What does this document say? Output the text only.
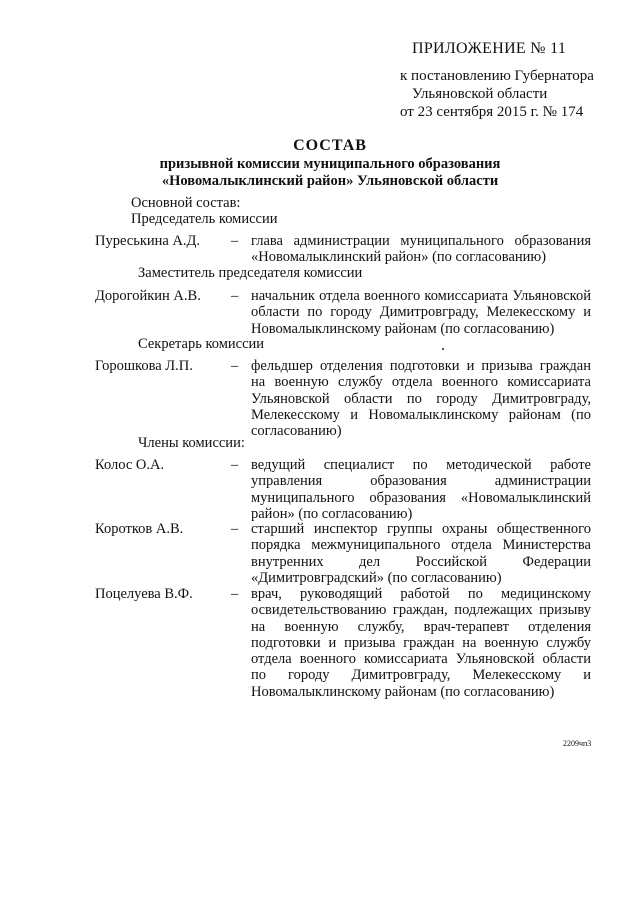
ПРИЛОЖЕНИЕ № 11
к постановлению Губернатора
Ульяновской области
от 23 сентября 2015 г. № 174
СОСТАВ
призывной комиссии муниципального образования
«Новомалыклинский район» Ульяновской области
Основной состав:
Председатель комиссии
Пуреськина А.Д. – глава администрации муниципального образования «Новомалыклинский район» (по согласованию)
Заместитель председателя комиссии
Дорогойкин А.В. – начальник отдела военного комиссариата Ульяновской области по городу Димитровграду, Мелекесскому и Новомалыклинскому районам (по согласованию)
Секретарь комиссии
Горошкова Л.П.	– фельдшер отделения подготовки и призыва граждан на военную службу отдела военного комиссариата Ульяновской области по городу Димитровграду, Мелекесскому и Новомалыклинскому районам (по согласованию)
Члены комиссии:
Колос О.А.	– ведущий специалист по методической работе управления образования администрации муниципального образования «Новомалыклинский район» (по согласованию)
Коротков А.В.	– старший инспектор группы охраны общественного порядка межмуниципального отдела Министерства внутренних дел Российской Федерации «Димитровградский» (по согласованию)
Поцелуева В.Ф.	– врач, руководящий работой по медицинскому освидетельствованию граждан, подлежащих призыву на военную службу, врач-терапевт отделения подготовки и призыва граждан на военную службу отдела военного комиссариата Ульяновской области по городу Димитровграду, Мелекесскому и Новомалыклинскому районам (по согласованию)
2209чп3
